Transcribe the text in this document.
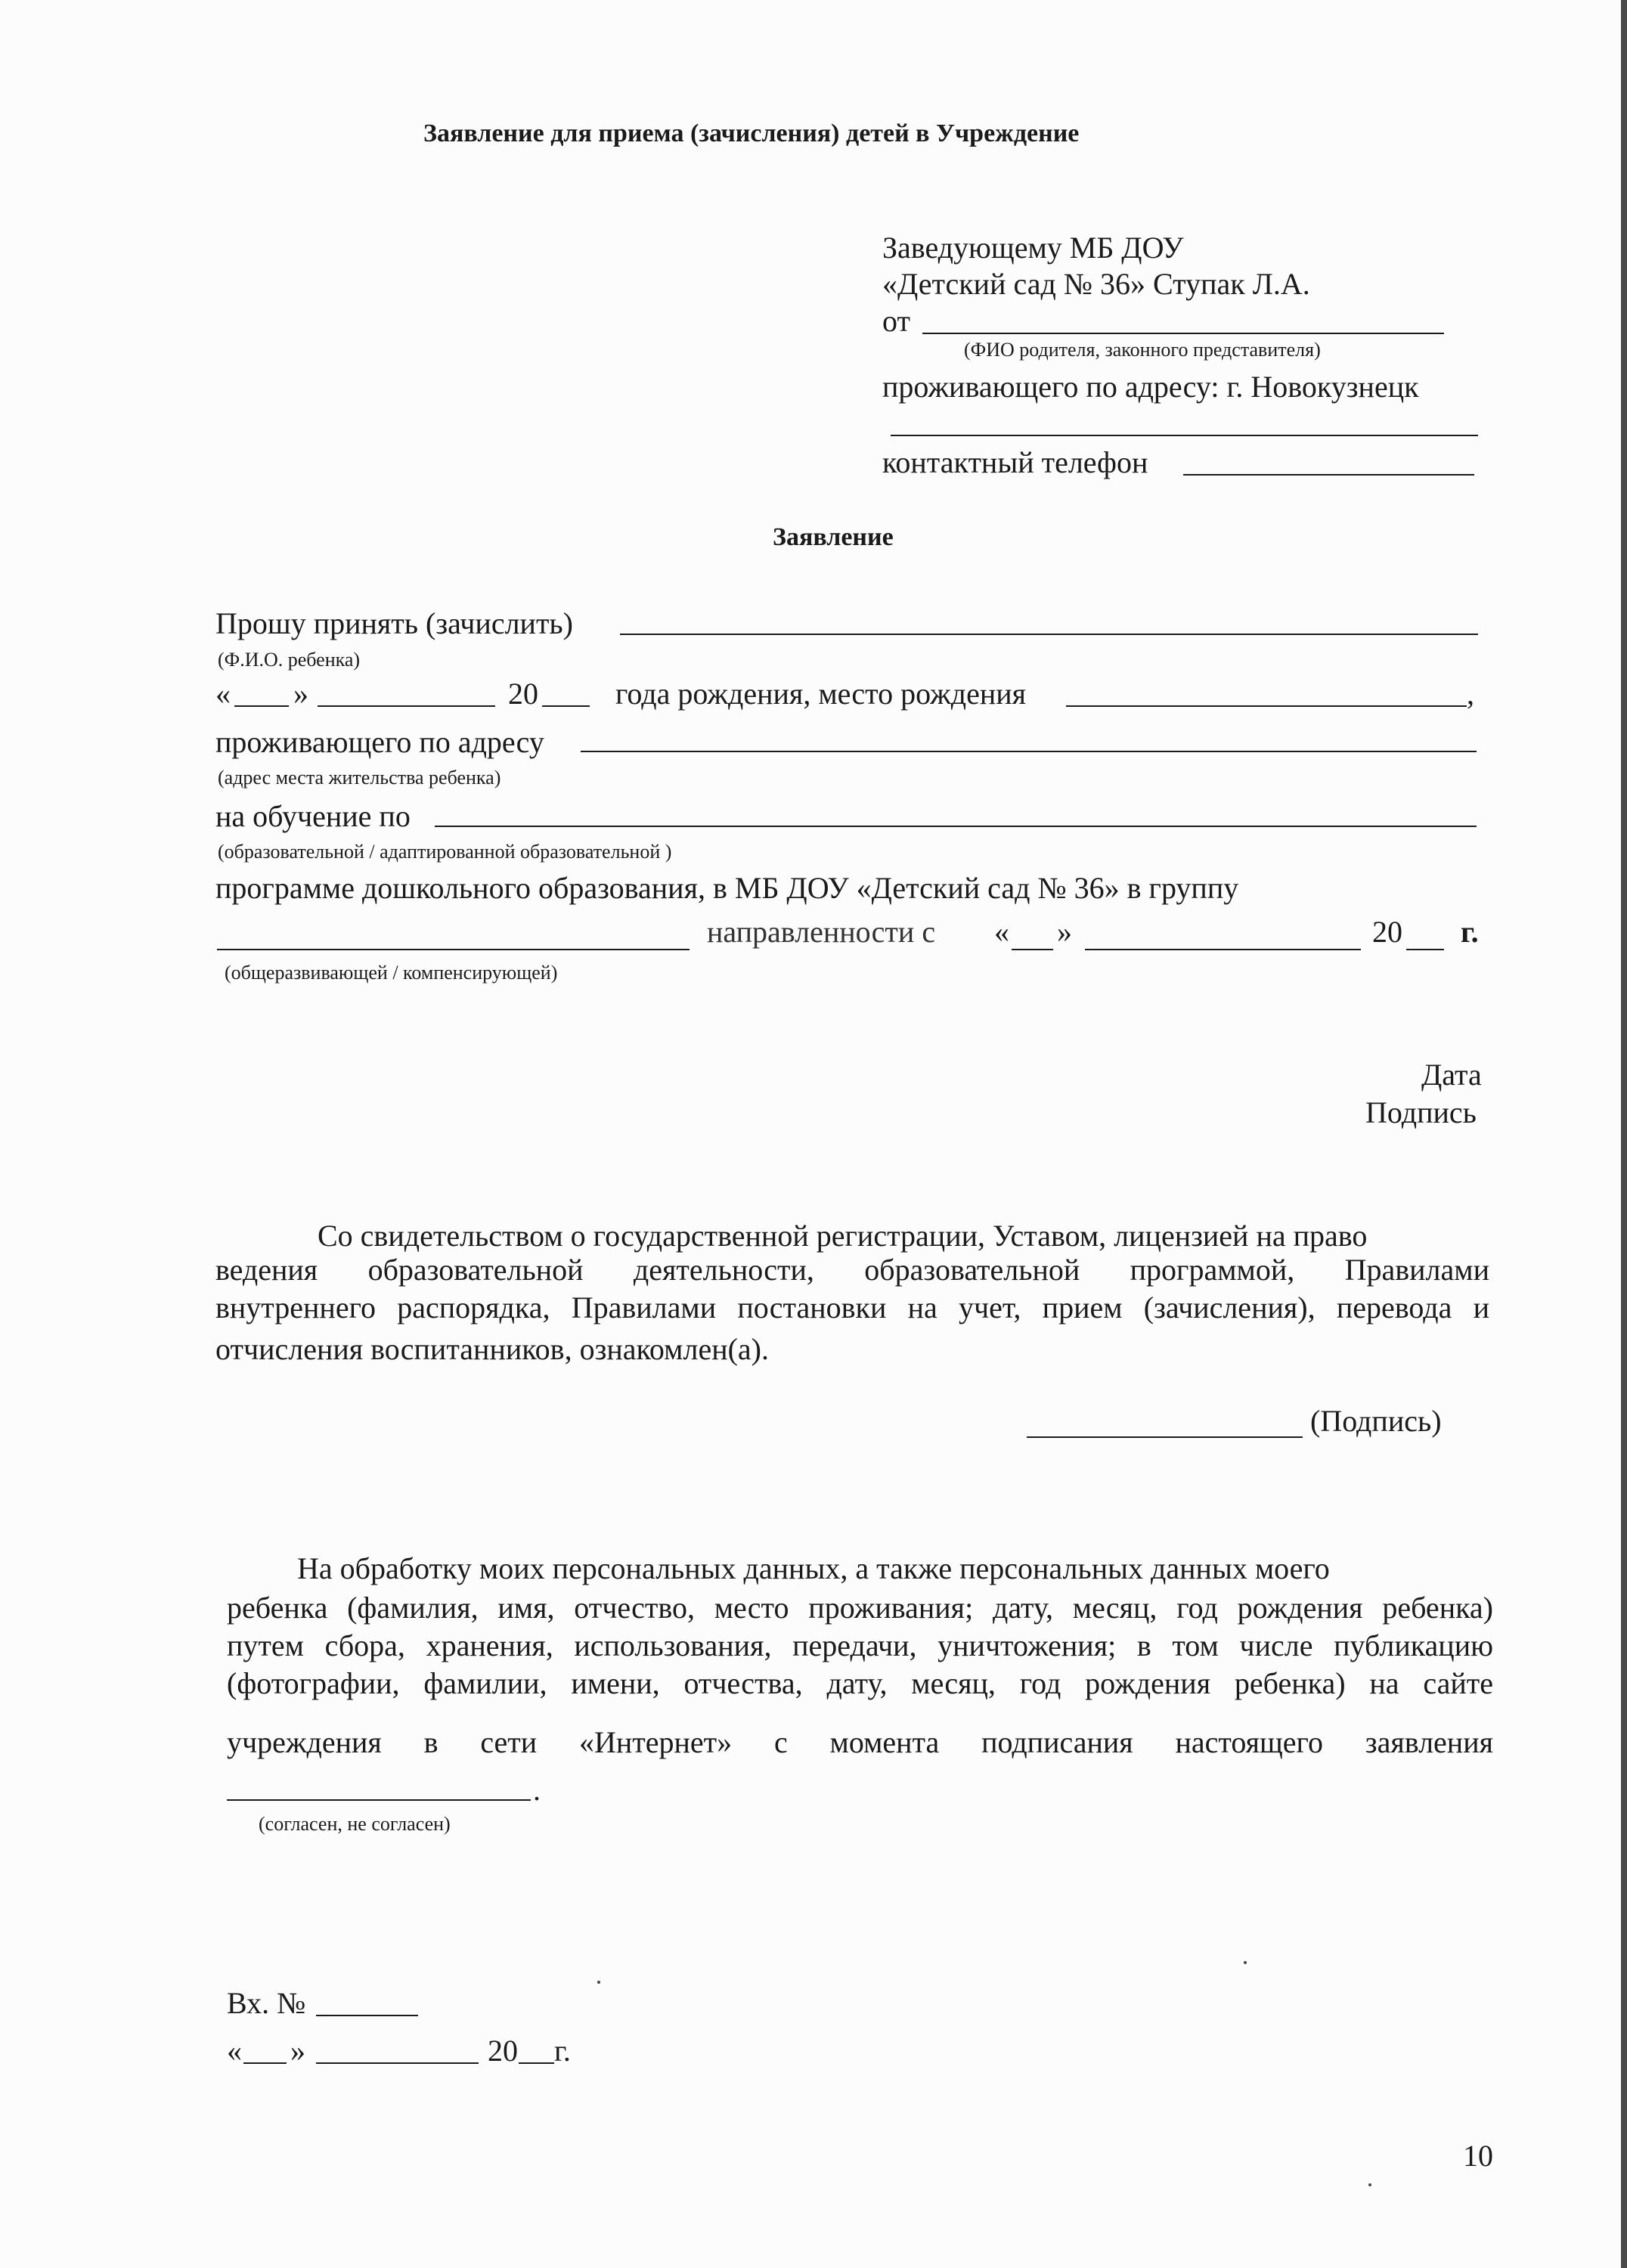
Заявление для приема (зачисления) детей в Учреждение
Заведующему МБ ДОУ
«Детский сад № 36» Ступак Л.А.
от
(ФИО родителя, законного представителя)
проживающего по адресу: г. Новокузнецк
контактный телефон
Заявление
Прошу принять (зачислить)
(Ф.И.О. ребенка)
« »	20	года рождения, место рождения	,
проживающего по адресу
(адрес места жительства ребенка)
на обучение по
(образовательной / адаптированной образовательной )
программе дошкольного образования, в МБ ДОУ «Детский сад № 36» в группу
направленности с « »	20 г.
(общеразвивающей / компенсирующей)
Дата
Подпись
Со свидетельством о государственной регистрации, Уставом, лицензией на право
ведения образовательной деятельности, образовательной программой, Правилами
внутреннего распорядка, Правилами постановки на учет, прием (зачисления), перевода и
отчисления воспитанников, ознакомлен(а).
(Подпись)
На обработку моих персональных данных, а также персональных данных моего
ребенка (фамилия, имя, отчество, место проживания; дату, месяц, год рождения ребенка)
путем сбора, хранения, использования, передачи, уничтожения; в том числе публикацию
(фотографии, фамилии, имени, отчества, дату, месяц, год рождения ребенка) на сайте
учреждения в сети «Интернет» с момента подписания настоящего заявления
.
(согласен, не согласен)
Вх. №
« »	20 г.
10
